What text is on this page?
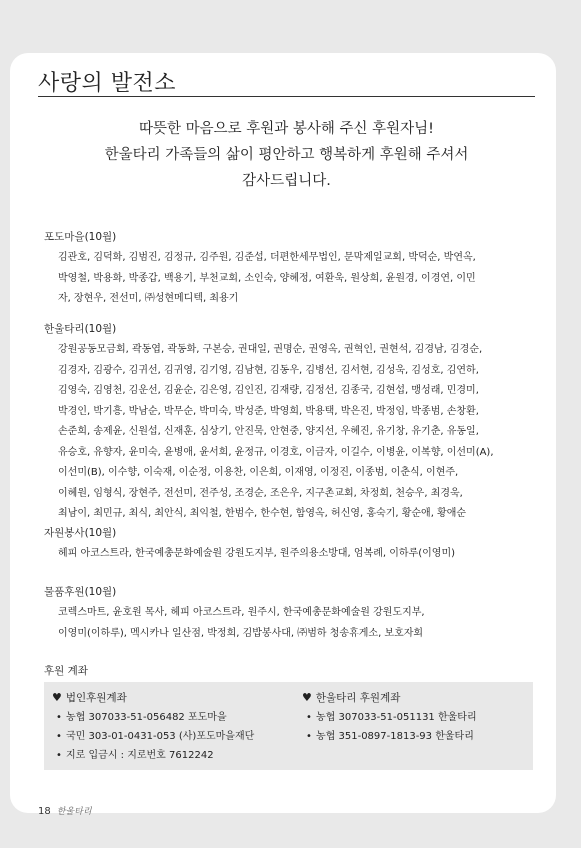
사랑의 발전소
따뜻한 마음으로 후원과 봉사해 주신 후원자님!
한울타리 가족들의 삶이 평안하고 행복하게 후원해 주셔서
감사드립니다.
포도마을(10월)
김관호, 김덕화, 김범진, 김정규, 김주원, 김준섭, 더편한세무법인, 문막제일교회, 박덕순, 박연옥,
박영철, 박용화, 박종갑, 백용기, 부천교회, 소인숙, 양혜정, 여환욱, 원상희, 윤원경, 이경연, 이민
자, 장현우, 전선미, ㈜성현메디텍, 최용기
한울타리(10월)
강원공동모금회, 곽동엽, 곽동화, 구본승, 권대일, 권명순, 권영옥, 권혁인, 권현석, 김경남, 김경순,
김경자, 김광수, 김귀선, 김귀영, 김기영, 김남현, 김동우, 김병선, 김서현, 김성욱, 김성호, 김연하,
김영숙, 김영천, 김운선, 김윤순, 김은영, 김인진, 김재량, 김정선, 김종국, 김현섭, 맹성래, 민경미,
박경인, 박기흥, 박남순, 박무순, 박미숙, 박성준, 박영희, 박용택, 박은진, 박정임, 박종범, 손창환,
손준희, 송제윤, 신원섭, 신재훈, 심상기, 안진묵, 안현중, 양지선, 우혜진, 유기창, 유기춘, 유동일,
유승호, 유향자, 윤미숙, 윤병애, 윤서희, 윤정규, 이경호, 이금자, 이길수, 이병윤, 이복향, 이선미(A),
이선미(B), 이수향, 이숙재, 이순정, 이용찬, 이은희, 이재영, 이정진, 이종범, 이춘식, 이현주,
이혜원, 임형식, 장현주, 전선미, 전주성, 조경순, 조은우, 지구촌교회, 차정희, 천승우, 최경욱,
최남이, 최민규, 최식, 최안식, 최익철, 한범수, 한수현, 함영옥, 허신영, 홍숙기, 황순애, 황애순
자원봉사(10월)
헤피 아코스트라, 한국예총문화예술원 강원도지부, 원주의용소방대, 엄복례, 이하루(이영미)
물품후원(10월)
코렉스마트, 윤호원 목사, 헤피 아코스트라, 원주시, 한국예총문화예술원 강원도지부,
이영미(이하루), 멕시카나 일산점, 박정희, 김밥봉사대, ㈜범하 청송휴게소, 보호자회
후원 계좌
♥ 법인후원계좌
• 농협 307033-51-056482 포도마을
• 국민 303-01-0431-053 (사)포도마을재단
• 지로 입금시 : 지로번호 7612242
♥ 한울타리 후원계좌
• 농협 307033-51-051131 한울타리
• 농협 351-0897-1813-93 한울타리
18 한울타리
